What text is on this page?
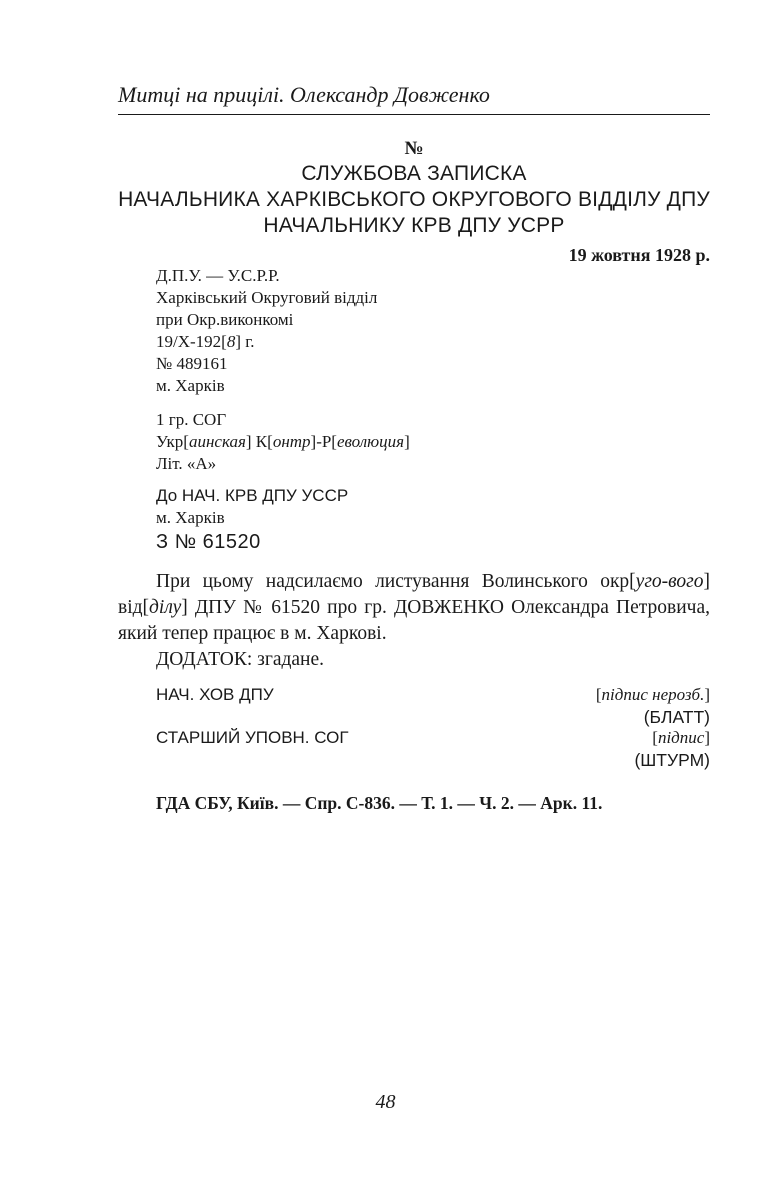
Митці на прицілі. Олександр Довженко
№
СЛУЖБОВА ЗАПИСКА
НАЧАЛЬНИКА ХАРКІВСЬКОГО ОКРУГОВОГО ВІДДІЛУ ДПУ
НАЧАЛЬНИКУ КРВ ДПУ УСРР
19 жовтня 1928 р.
Д.П.У. — У.С.Р.Р.
Харківський Округовий відділ
при Окр.виконкомі
19/X-192[8] г.
№ 489161
м. Харків
1 гр. СОГ
Укр[аинская] К[онтр]-Р[еволюция]
Літ. «А»
До НАЧ. КРВ ДПУ УССР
м. Харків
З № 61520

При цьому надсилаємо листування Волинського окр[уго-вого] від[ділу] ДПУ № 61520 про гр. ДОВЖЕНКО Олександра Петровича, який тепер працює в м. Харкові.

ДОДАТОК: згадане.

НАЧ. ХОВ ДПУ	[підпис нерозб.]
(БЛАТТ)
СТАРШИЙ УПОВН. СОГ	[підпис]
(ШТУРМ)
ГДА СБУ, Київ. — Спр. С-836. — Т. 1. — Ч. 2. — Арк. 11.
48
